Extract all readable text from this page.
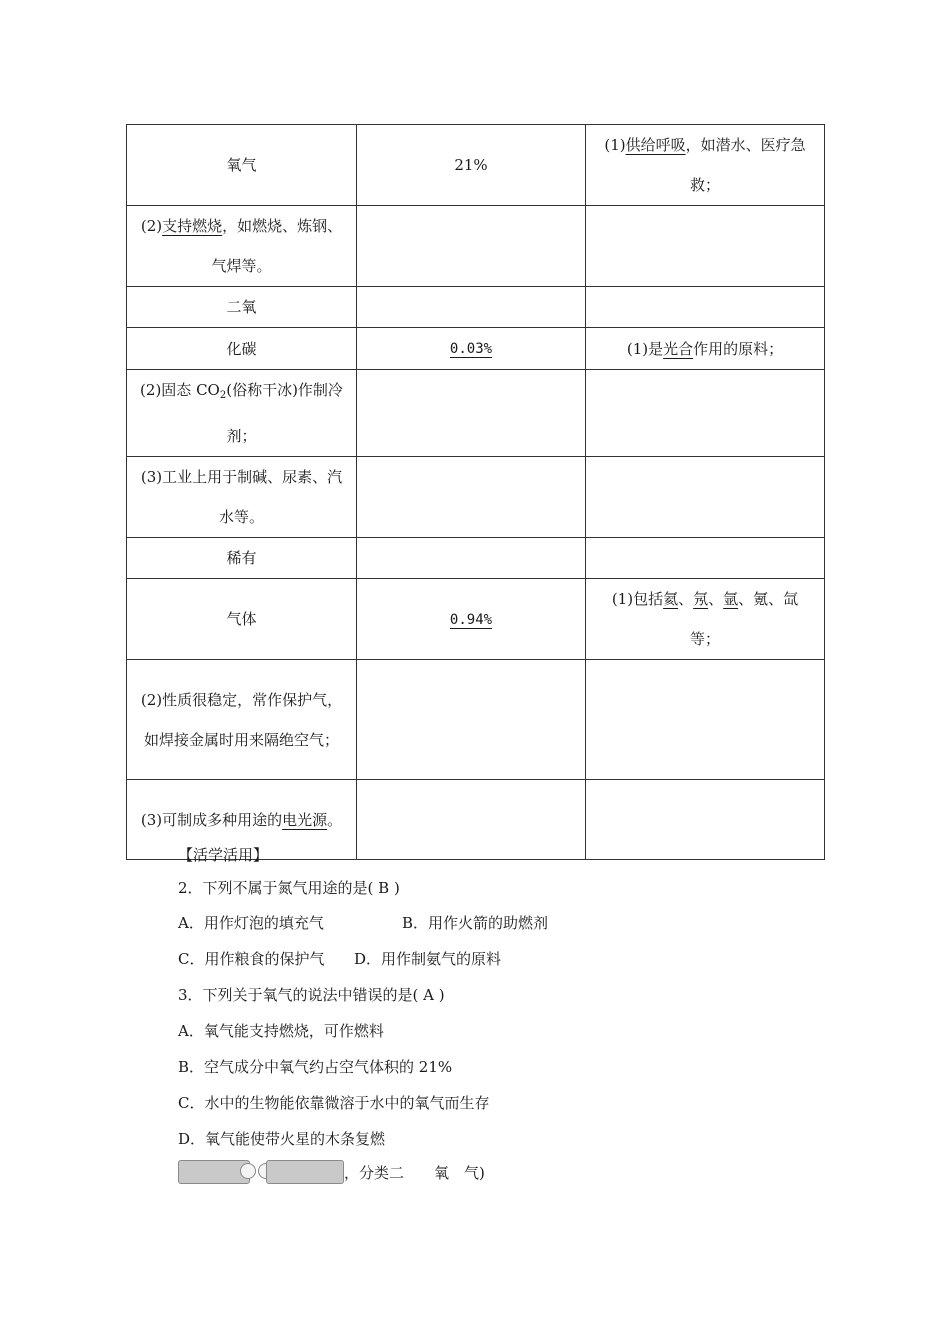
氧气	21%	(1)供给呼吸，如潜水、医疗急救；
(2)支持燃烧，如燃烧、炼钢、气焊等。		
二氧		
化碳	0.03%	(1)是光合作用的原料；
(2)固态 $CO_2$(俗称干冰)作制冷剂；		
(3)工业上用于制碱、尿素、汽水等。		
稀有		
气体	0.94%	(1)包括氦、氖、氩、氪、氙等；
(2)性质很稳定，常作保护气，如焊接金属时用来隔绝空气；		
(3)可制成多种用途的电光源。		
【活学活用】
2．下列不属于氮气用途的是( B )
A．用作灯泡的填充气	B．用作火箭的助燃剂
C．用作粮食的保护气 D．用作制氨气的原料
3．下列关于氧气的说法中错误的是( A )
A．氧气能支持燃烧，可作燃料
B．空气成分中氧气约占空气体积的 21%
C．水中的生物能依靠微溶于水中的氧气而生存
D．氧气能使带火星的木条复燃
，分类二　　氧　气)
